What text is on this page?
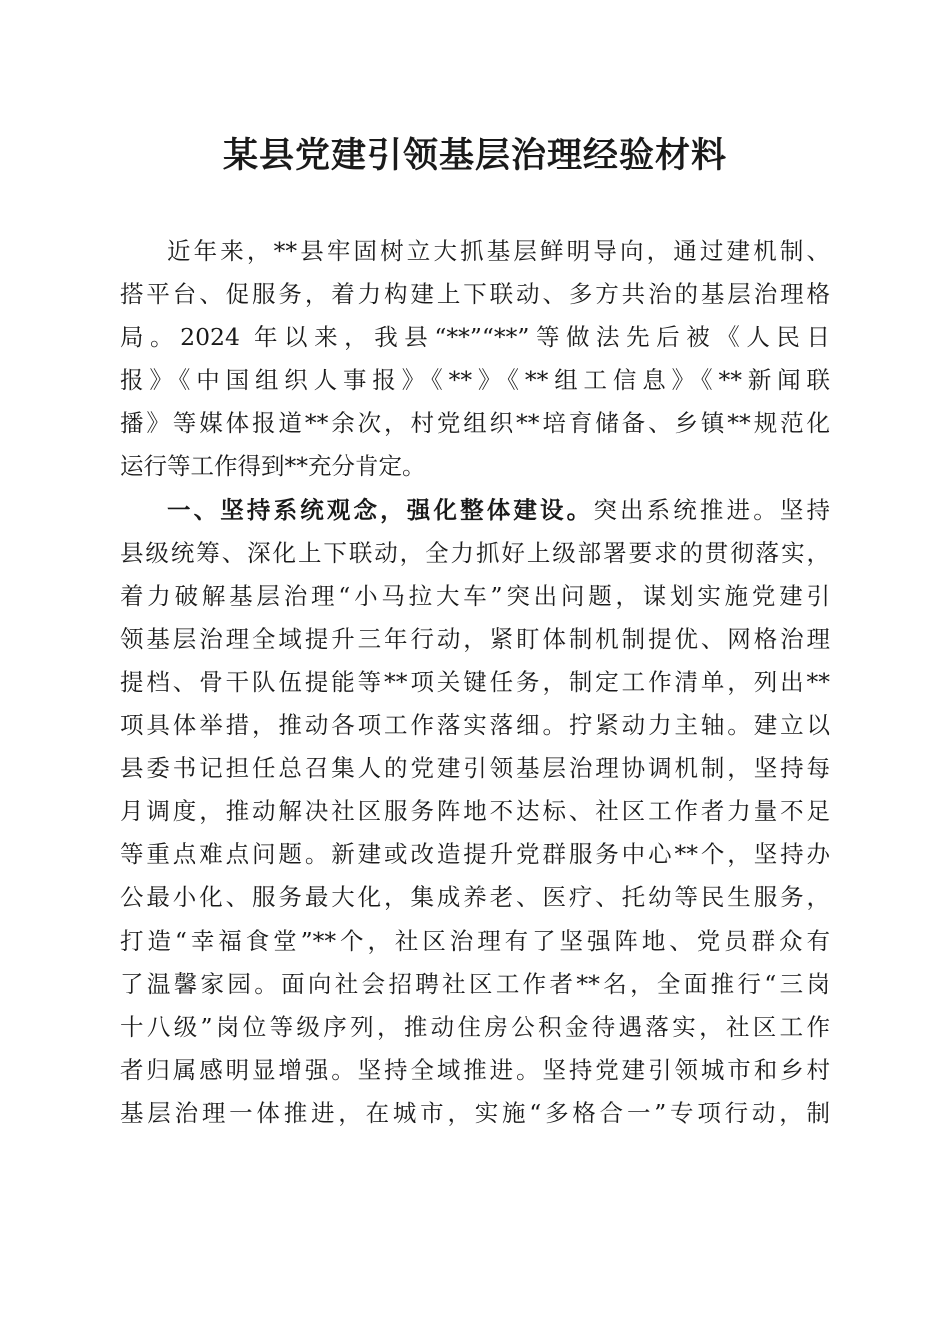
某县党建引领基层治理经验材料
近年来，**县牢固树立大抓基层鲜明导向，通过建机制、
搭平台、促服务，着力构建上下联动、多方共治的基层治理格
局。2024 年以来，我县“**”“**”等做法先后被《人民日
报》《中国组织人事报》《**》《**组工信息》《**新闻联
播》等媒体报道**余次，村党组织**培育储备、乡镇**规范化
运行等工作得到**充分肯定。
一、坚持系统观念，强化整体建设。突出系统推进。坚持
县级统筹、深化上下联动，全力抓好上级部署要求的贯彻落实，
着力破解基层治理“小马拉大车”突出问题，谋划实施党建引
领基层治理全域提升三年行动，紧盯体制机制提优、网格治理
提档、骨干队伍提能等**项关键任务，制定工作清单，列出**
项具体举措，推动各项工作落实落细。拧紧动力主轴。建立以
县委书记担任总召集人的党建引领基层治理协调机制，坚持每
月调度，推动解决社区服务阵地不达标、社区工作者力量不足
等重点难点问题。新建或改造提升党群服务中心**个，坚持办
公最小化、服务最大化，集成养老、医疗、托幼等民生服务，
打造“幸福食堂”**个，社区治理有了坚强阵地、党员群众有
了温馨家园。面向社会招聘社区工作者**名，全面推行“三岗
十八级”岗位等级序列，推动住房公积金待遇落实，社区工作
者归属感明显增强。坚持全域推进。坚持党建引领城市和乡村
基层治理一体推进，在城市，实施“多格合一”专项行动，制
